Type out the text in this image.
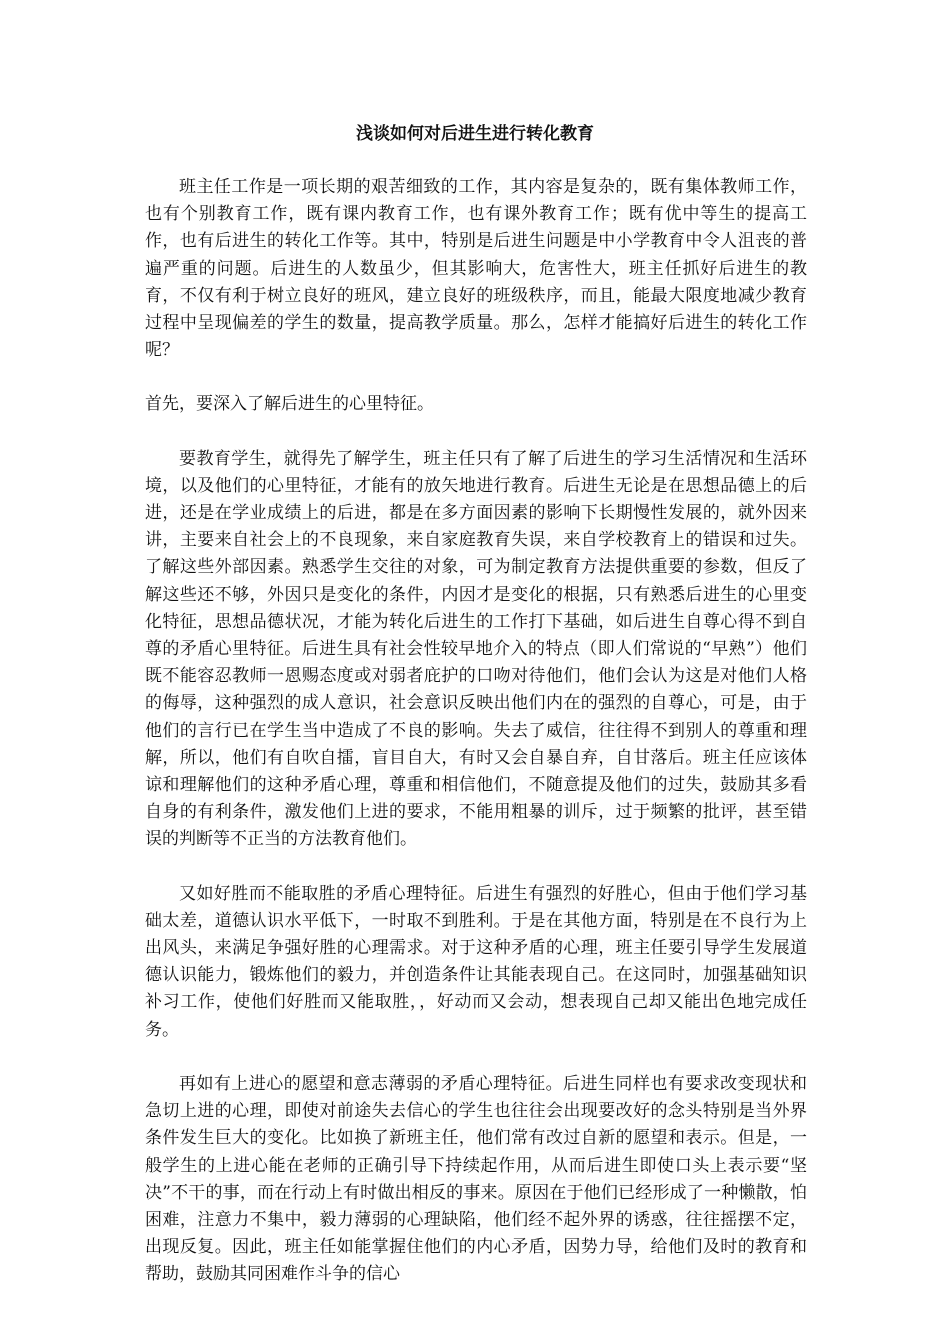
浅谈如何对后进生进行转化教育

班主任工作是一项长期的艰苦细致的工作，其内容是复杂的，既有集体教师工作，也有个别教育工作，既有课内教育工作，也有课外教育工作；既有优中等生的提高工作，也有后进生的转化工作等。其中，特别是后进生问题是中小学教育中令人沮丧的普遍严重的问题。后进生的人数虽少，但其影响大，危害性大，班主任抓好后进生的教育，不仅有利于树立良好的班风，建立良好的班级秩序，而且，能最大限度地减少教育过程中呈现偏差的学生的数量，提高教学质量。那么，怎样才能搞好后进生的转化工作呢？

首先，要深入了解后进生的心里特征。

要教育学生，就得先了解学生，班主任只有了解了后进生的学习生活情况和生活环境，以及他们的心里特征，才能有的放矢地进行教育。后进生无论是在思想品德上的后进，还是在学业成绩上的后进，都是在多方面因素的影响下长期慢性发展的，就外因来讲，主要来自社会上的不良现象，来自家庭教育失误，来自学校教育上的错误和过失。了解这些外部因素。熟悉学生交往的对象，可为制定教育方法提供重要的参数，但反了解这些还不够，外因只是变化的条件，内因才是变化的根据，只有熟悉后进生的心里变化特征，思想品德状况，才能为转化后进生的工作打下基础，如后进生自尊心得不到自尊的矛盾心里特征。后进生具有社会性较早地介入的特点（即人们常说的“早熟”）他们既不能容忍教师一恩赐态度或对弱者庇护的口吻对待他们，他们会认为这是对他们人格的侮辱，这种强烈的成人意识，社会意识反映出他们内在的强烈的自尊心，可是，由于他们的言行已在学生当中造成了不良的影响。失去了威信，往往得不到别人的尊重和理解，所以，他们有自吹自擂，盲目自大，有时又会自暴自弃，自甘落后。班主任应该体谅和理解他们的这种矛盾心理，尊重和相信他们，不随意提及他们的过失，鼓励其多看自身的有利条件，激发他们上进的要求，不能用粗暴的训斥，过于频繁的批评，甚至错误的判断等不正当的方法教育他们。

又如好胜而不能取胜的矛盾心理特征。后进生有强烈的好胜心，但由于他们学习基础太差，道德认识水平低下，一时取不到胜利。于是在其他方面，特别是在不良行为上出风头，来满足争强好胜的心理需求。对于这种矛盾的心理，班主任要引导学生发展道德认识能力，锻炼他们的毅力，并创造条件让其能表现自己。在这同时，加强基础知识补习工作，使他们好胜而又能取胜，，好动而又会动，想表现自己却又能出色地完成任务。

再如有上进心的愿望和意志薄弱的矛盾心理特征。后进生同样也有要求改变现状和急切上进的心理，即使对前途失去信心的学生也往往会出现要改好的念头特别是当外界条件发生巨大的变化。比如换了新班主任，他们常有改过自新的愿望和表示。但是，一般学生的上进心能在老师的正确引导下持续起作用，从而后进生即使口头上表示要“坚决”不干的事，而在行动上有时做出相反的事来。原因在于他们已经形成了一种懒散，怕困难，注意力不集中，毅力薄弱的心理缺陷，他们经不起外界的诱惑，往往摇摆不定，出现反复。因此，班主任如能掌握住他们的内心矛盾，因势力导，给他们及时的教育和帮助，鼓励其同困难作斗争的信心
